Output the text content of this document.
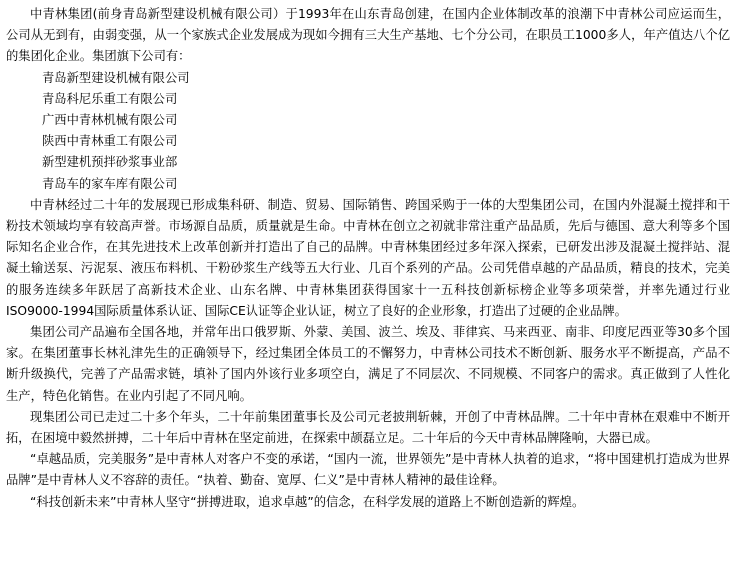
中青林集团(前身青岛新型建设机械有限公司）于1993年在山东青岛创建，在国内企业体制改革的浪潮下中青林公司应运而生，公司从无到有，由弱变强，从一个家族式企业发展成为现如今拥有三大生产基地、七个分公司，在职员工1000多人，年产值达八个亿的集团化企业。集团旗下公司有：

青岛新型建设机械有限公司
青岛科尼乐重工有限公司
广西中青林机械有限公司
陕西中青林重工有限公司
新型建机预拌砂浆事业部
青岛车的家车库有限公司

中青林经过二十年的发展现已形成集科研、制造、贸易、国际销售、跨国采购于一体的大型集团公司，在国内外混凝土搅拌和干粉技术领域均享有较高声誉。市场源自品质，质量就是生命。中青林在创立之初就非常注重产品品质，先后与德国、意大利等多个国际知名企业合作，在其先进技术上改革创新并打造出了自己的品牌。中青林集团经过多年深入探索，已研发出涉及混凝土搅拌站、混凝土输送泵、污泥泵、液压布料机、干粉砂浆生产线等五大行业、几百个系列的产品。公司凭借卓越的产品品质，精良的技术，完美的服务连续多年跃居了高新技术企业、山东名牌、中青林集团获得国家十一五科技创新标榜企业等多项荣誉，并率先通过行业ISO9000-1994国际质量体系认证、国际CE认证等企业认证，树立了良好的企业形象，打造出了过硬的企业品牌。

集团公司产品遍布全国各地，并常年出口俄罗斯、外蒙、美国、波兰、埃及、菲律宾、马来西亚、南非、印度尼西亚等30多个国家。在集团董事长林礼津先生的正确领导下，经过集团全体员工的不懈努力，中青林公司技术不断创新、服务水平不断提高，产品不断升级换代，完善了产品需求链，填补了国内外该行业多项空白，满足了不同层次、不同规模、不同客户的需求。真正做到了人性化生产，特色化销售。在业内引起了不同凡响。

现集团公司已走过二十多个年头，二十年前集团董事长及公司元老披荆斩棘，开创了中青林品牌。二十年中青林在艰难中不断开拓，在困境中毅然拼搏，二十年后中青林在坚定前进，在探索中颉磊立足。二十年后的今天中青林品牌隆响，大器已成。

“卓越品质，完美服务”是中青林人对客户不变的承诺，“国内一流，世界领先”是中青林人执着的追求，“将中国建机打造成为世界品牌”是中青林人义不容辞的责任。“执着、勤奋、宽厚、仁义”是中青林人精神的最佳诠释。

“科技创新未来”中青林人坚守“拼搏进取，追求卓越”的信念，在科学发展的道路上不断创造新的辉煌。
